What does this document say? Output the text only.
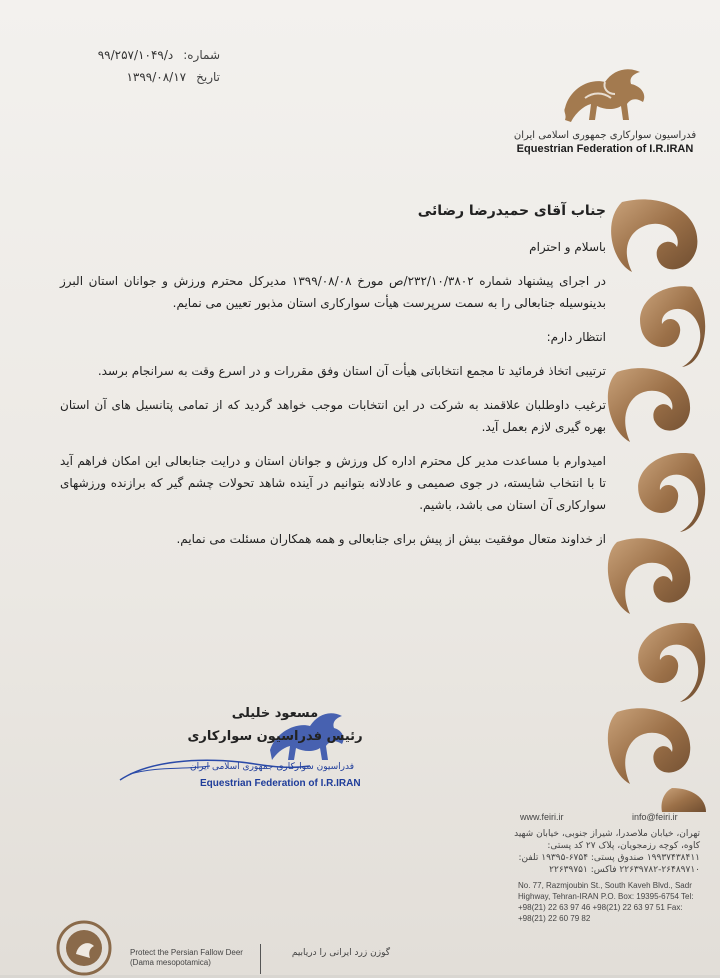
شماره:
۹۹/۲۵۷/د/۱۰۴۹
تاریخ
۱۳۹۹/۰۸/۱۷
فدراسیون سوارکاری جمهوری اسلامی ایران
Equestrian Federation of I.R.IRAN

جناب آقای حمیدرضا رضائی

باسلام و احترام

در اجرای پیشنهاد شماره ۲۳۲/۱۰/۳۸۰۲/ص مورخ ۱۳۹۹/۰۸/۰۸ مدیرکل محترم ورزش و جوانان استان البرز بدینوسیله جنابعالی را به سمت سرپرست هیأت سوارکاری استان مذبور تعیین می نمایم.

انتظار دارم:

ترتیبی اتخاذ فرمائید تا مجمع انتخاباتی هیأت آن استان وفق مقررات و در اسرع وقت به سرانجام برسد.

ترغیب داوطلبان علاقمند به شرکت در این انتخابات موجب خواهد گردید که از تمامی پتانسیل های آن استان بهره گیری لازم بعمل آید.

امیدوارم با مساعدت مدیر کل محترم اداره کل ورزش و جوانان استان و درایت جنابعالی این امکان فراهم آید تا با انتخاب شایسته، در جوی صمیمی و عادلانه بتوانیم در آینده شاهد تحولات چشم گیر که برازنده ورزشهای سوارکاری آن استان می باشد، باشیم.

از خداوند متعال موفقیت بیش از پیش برای جنابعالی و همه همکاران مسئلت می نمایم.

فدراسیون سوارکاری جمهوری اسلامی ایران
Equestrian Federation of I.R.IRAN
مسعود خلیلی
رئیس فدراسیون سوارکاری
www.feiri.ir	info@feiri.ir
تهران، خیابان ملاصدرا، شیراز جنوبی، خیابان شهید کاوه، کوچه رزمجویان، پلاک ۲۷ کد پستی: ۱۹۹۳۷۴۳۸۴۱۱ صندوق پستی: ۶۷۵۴-۱۹۳۹۵ تلفن: ۲۶۴۸۹۷۱۰-۲۲۶۳۹۷۸۲ فاکس: ۲۲۶۳۹۷۵۱
No. 77, Razmjoubin St., South Kaveh Blvd., Sadr Highway, Tehran-IRAN P.O. Box: 19395-6754 Tel: +98(21) 22 63 97 46 +98(21) 22 63 97 51 Fax: +98(21) 22 60 79 82
گوزن زرد ایرانی را دریابیم
Protect the Persian Fallow Deer
(Dama mesopotamica)
